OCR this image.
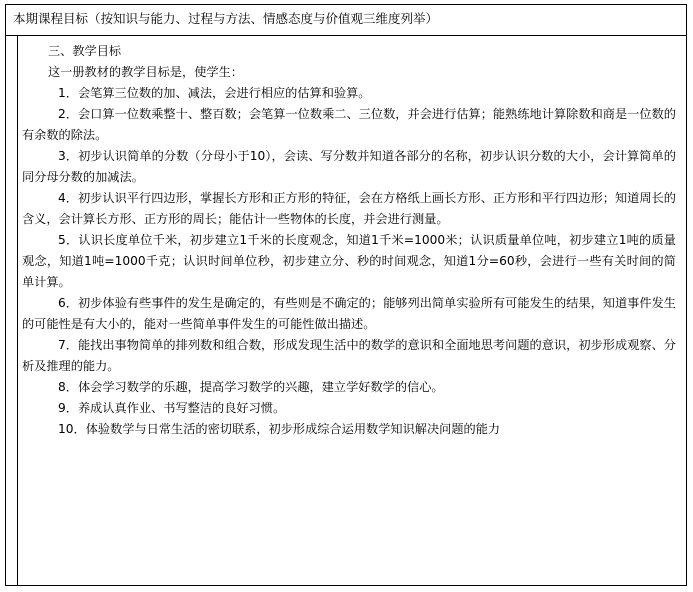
本期课程目标（按知识与能力、过程与方法、情感态度与价值观三维度列举）

三、教学目标

这一册教材的教学目标是，使学生：

1．会笔算三位数的加、减法，会进行相应的估算和验算。

2．会口算一位数乘整十、整百数；会笔算一位数乘二、三位数，并会进行估算；能熟练地计算除数和商是一位数的有余数的除法。

3．初步认识简单的分数（分母小于10），会读、写分数并知道各部分的名称，初步认识分数的大小，会计算简单的同分母分数的加减法。

4．初步认识平行四边形，掌握长方形和正方形的特征，会在方格纸上画长方形、正方形和平行四边形；知道周长的含义，会计算长方形、正方形的周长；能估计一些物体的长度，并会进行测量。

5．认识长度单位千米，初步建立1千米的长度观念，知道1千米=1000米；认识质量单位吨，初步建立1吨的质量观念，知道1吨=1000千克；认识时间单位秒，初步建立分、秒的时间观念，知道1分=60秒，会进行一些有关时间的简单计算。

6．初步体验有些事件的发生是确定的，有些则是不确定的；能够列出简单实验所有可能发生的结果，知道事件发生的可能性是有大小的，能对一些简单事件发生的可能性做出描述。

7．能找出事物简单的排列数和组合数，形成发现生活中的数学的意识和全面地思考问题的意识，初步形成观察、分析及推理的能力。

8．体会学习数学的乐趣，提高学习数学的兴趣，建立学好数学的信心。

9．养成认真作业、书写整洁的良好习惯。

10．体验数学与日常生活的密切联系，初步形成综合运用数学知识解决问题的能力
